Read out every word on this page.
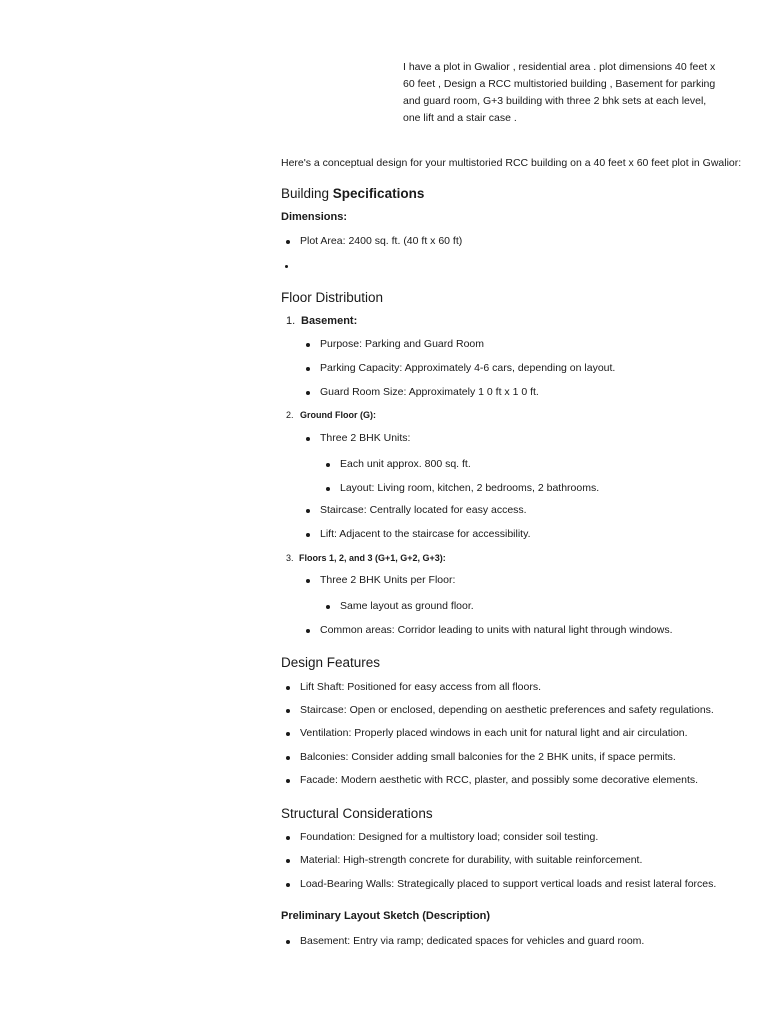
I have a plot in Gwalior , residential area . plot dimensions 40 feet x 60 feet , Design a RCC multistoried building , Basement for parking and guard room, G+3 building with three 2 bhk sets at each level, one lift and a stair case .
Here's a conceptual design for your multistoried RCC building on a 40 feet x 60 feet plot in Gwalior:
Building Specifications
Dimensions:
Plot Area: 2400 sq. ft. (40 ft x 60 ft)
Floor Distribution
1. Basement:
Purpose: Parking and Guard Room
Parking Capacity: Approximately 4-6 cars, depending on layout.
Guard Room Size: Approximately 1 0 ft x 1 0 ft.
2. Ground Floor (G):
Three 2 BHK Units:
Each unit approx. 800 sq. ft.
Layout: Living room, kitchen, 2 bedrooms, 2 bathrooms.
Staircase: Centrally located for easy access.
Lift: Adjacent to the staircase for accessibility.
3. Floors 1, 2, and 3 (G+1, G+2, G+3):
Three 2 BHK Units per Floor:
Same layout as ground floor.
Common areas: Corridor leading to units with natural light through windows.
Design Features
Lift Shaft: Positioned for easy access from all floors.
Staircase: Open or enclosed, depending on aesthetic preferences and safety regulations.
Ventilation: Properly placed windows in each unit for natural light and air circulation.
Balconies: Consider adding small balconies for the 2 BHK units, if space permits.
Facade: Modern aesthetic with RCC, plaster, and possibly some decorative elements.
Structural Considerations
Foundation: Designed for a multistory load; consider soil testing.
Material: High-strength concrete for durability, with suitable reinforcement.
Load-Bearing Walls: Strategically placed to support vertical loads and resist lateral forces.
Preliminary Layout Sketch (Description)
Basement: Entry via ramp; dedicated spaces for vehicles and guard room.
